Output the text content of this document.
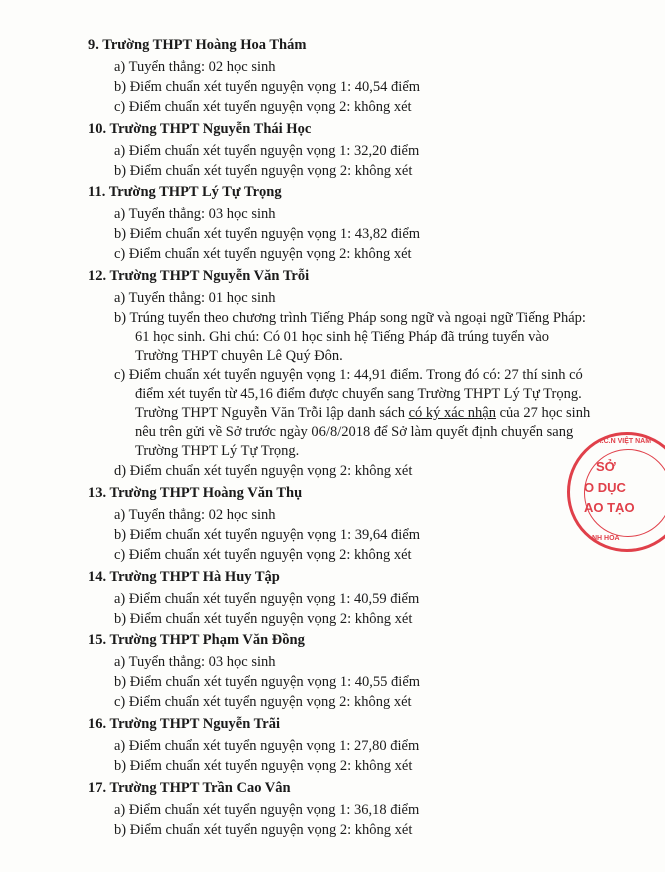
9. Trường THPT Hoàng Hoa Thám
a) Tuyển thẳng: 02 học sinh
b) Điểm chuẩn xét tuyển nguyện vọng 1: 40,54 điểm
c) Điểm chuẩn xét tuyển nguyện vọng 2: không xét
10. Trường THPT Nguyễn Thái Học
a) Điểm chuẩn xét tuyển nguyện vọng 1: 32,20 điểm
b) Điểm chuẩn xét tuyển nguyện vọng 2: không xét
11. Trường THPT Lý Tự Trọng
a) Tuyển thẳng: 03 học sinh
b) Điểm chuẩn xét tuyển nguyện vọng 1: 43,82 điểm
c) Điểm chuẩn xét tuyển nguyện vọng 2: không xét
12. Trường THPT Nguyễn Văn Trỗi
a) Tuyển thẳng: 01 học sinh
b) Trúng tuyển theo chương trình Tiếng Pháp song ngữ và ngoại ngữ Tiếng Pháp:
61 học sinh. Ghi chú: Có 01 học sinh hệ Tiếng Pháp đã trúng tuyển vào
Trường THPT chuyên Lê Quý Đôn.
c) Điểm chuẩn xét tuyển nguyện vọng 1: 44,91 điểm. Trong đó có: 27 thí sinh có
điểm xét tuyển từ 45,16 điểm được chuyển sang Trường THPT Lý Tự Trọng.
Trường THPT Nguyễn Văn Trỗi lập danh sách có ký xác nhận của 27 học sinh
nêu trên gửi về Sở trước ngày 06/8/2018 để Sở làm quyết định chuyển sang
Trường THPT Lý Tự Trọng.
d) Điểm chuẩn xét tuyển nguyện vọng 2: không xét
13. Trường THPT Hoàng Văn Thụ
a) Tuyển thẳng: 02 học sinh
b) Điểm chuẩn xét tuyển nguyện vọng 1: 39,64 điểm
c) Điểm chuẩn xét tuyển nguyện vọng 2: không xét
14. Trường THPT Hà Huy Tập
a) Điểm chuẩn xét tuyển nguyện vọng 1: 40,59 điểm
b) Điểm chuẩn xét tuyển nguyện vọng 2: không xét
15. Trường THPT Phạm Văn Đồng
a) Tuyển thẳng: 03 học sinh
b) Điểm chuẩn xét tuyển nguyện vọng 1: 40,55 điểm
c) Điểm chuẩn xét tuyển nguyện vọng 2: không xét
16. Trường THPT Nguyễn Trãi
a) Điểm chuẩn xét tuyển nguyện vọng 1: 27,80 điểm
b) Điểm chuẩn xét tuyển nguyện vọng 2: không xét
17. Trường THPT Trần Cao Vân
a) Điểm chuẩn xét tuyển nguyện vọng 1: 36,18 điểm
b) Điểm chuẩn xét tuyển nguyện vọng 2: không xét
X.H.C.N VIỆT NAM
SỞ
O DỤC
AO TẠO
NH HÒA
